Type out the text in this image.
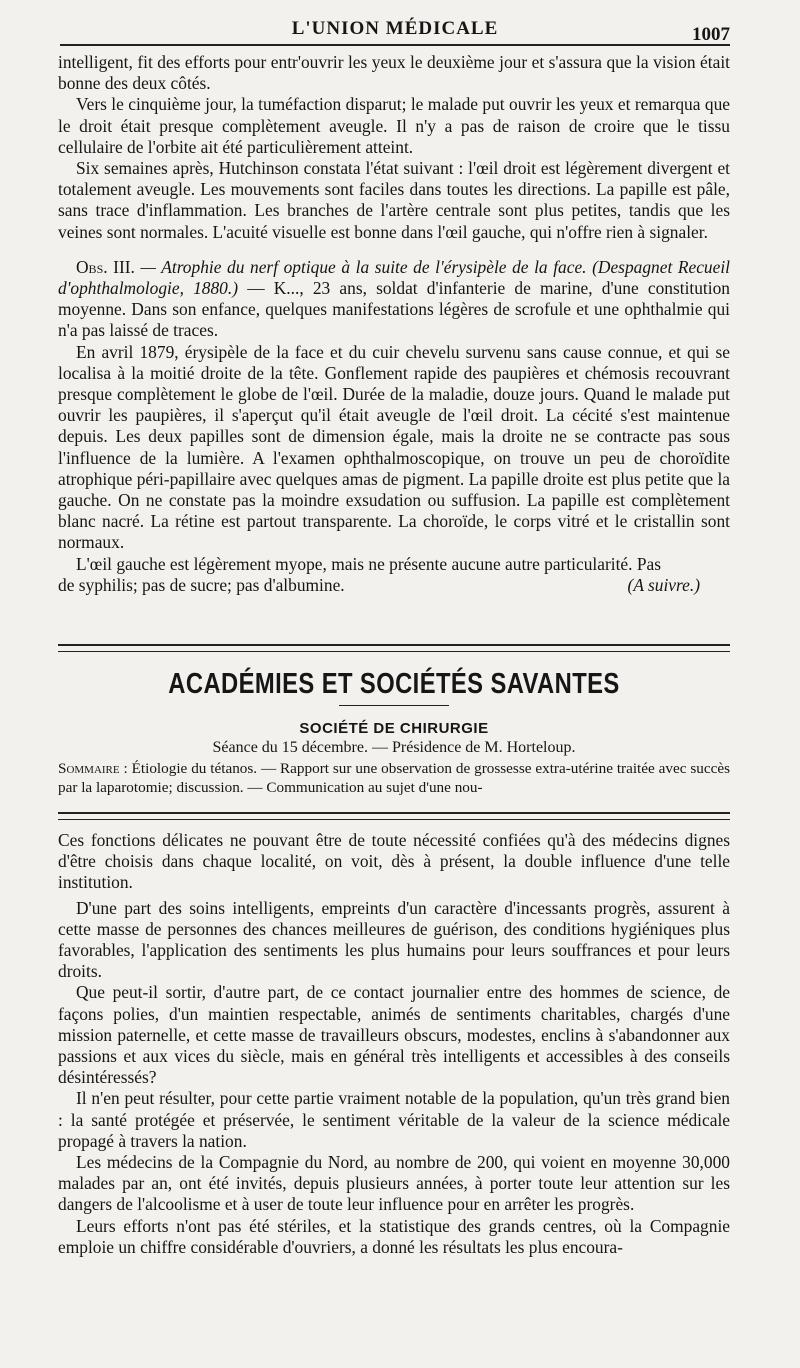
L'UNION MÉDICALE	1007

intelligent, fit des efforts pour entr'ouvrir les yeux le deuxième jour et s'assura que la vision était bonne des deux côtés.

Vers le cinquième jour, la tuméfaction disparut; le malade put ouvrir les yeux et remarqua que le droit était presque complètement aveugle. Il n'y a pas de raison de croire que le tissu cellulaire de l'orbite ait été particulièrement atteint.

Six semaines après, Hutchinson constata l'état suivant : l'œil droit est légèrement divergent et totalement aveugle. Les mouvements sont faciles dans toutes les directions. La papille est pâle, sans trace d'inflammation. Les branches de l'artère centrale sont plus petites, tandis que les veines sont normales. L'acuité visuelle est bonne dans l'œil gauche, qui n'offre rien à signaler.

Obs. III. — Atrophie du nerf optique à la suite de l'érysipèle de la face. (Despagnet Recueil d'ophthalmologie, 1880.) — K..., 23 ans, soldat d'infanterie de marine, d'une constitution moyenne. Dans son enfance, quelques manifestations légères de scrofule et une ophthalmie qui n'a pas laissé de traces.

En avril 1879, érysipèle de la face et du cuir chevelu survenu sans cause connue, et qui se localisa à la moitié droite de la tête. Gonflement rapide des paupières et chémosis recouvrant presque complètement le globe de l'œil. Durée de la maladie, douze jours. Quand le malade put ouvrir les paupières, il s'aperçut qu'il était aveugle de l'œil droit. La cécité s'est maintenue depuis. Les deux papilles sont de dimension égale, mais la droite ne se contracte pas sous l'influence de la lumière. A l'examen ophthalmoscopique, on trouve un peu de choroïdite atrophique péri-papillaire avec quelques amas de pigment. La papille droite est plus petite que la gauche. On ne constate pas la moindre exsudation ou suffusion. La papille est complètement blanc nacré. La rétine est partout transparente. La choroïde, le corps vitré et le cristallin sont normaux.

L'œil gauche est légèrement myope, mais ne présente aucune autre particularité. Pas

de syphilis; pas de sucre; pas d'albumine.	(A suivre.)
ACADÉMIES ET SOCIÉTÉS SAVANTES
SOCIÉTÉ DE CHIRURGIE
Séance du 15 décembre. — Présidence de M. Horteloup.
Sommaire : Étiologie du tétanos. — Rapport sur une observation de grossesse extra-utérine traitée avec succès par la laparotomie; discussion. — Communication au sujet d'une nou-

Ces fonctions délicates ne pouvant être de toute nécessité confiées qu'à des médecins dignes d'être choisis dans chaque localité, on voit, dès à présent, la double influence d'une telle institution.

D'une part des soins intelligents, empreints d'un caractère d'incessants progrès, assurent à cette masse de personnes des chances meilleures de guérison, des conditions hygiéniques plus favorables, l'application des sentiments les plus humains pour leurs souffrances et pour leurs droits.

Que peut-il sortir, d'autre part, de ce contact journalier entre des hommes de science, de façons polies, d'un maintien respectable, animés de sentiments charitables, chargés d'une mission paternelle, et cette masse de travailleurs obscurs, modestes, enclins à s'abandonner aux passions et aux vices du siècle, mais en général très intelligents et accessibles à des conseils désintéressés?

Il n'en peut résulter, pour cette partie vraiment notable de la population, qu'un très grand bien : la santé protégée et préservée, le sentiment véritable de la valeur de la science médicale propagé à travers la nation.

Les médecins de la Compagnie du Nord, au nombre de 200, qui voient en moyenne 30,000 malades par an, ont été invités, depuis plusieurs années, à porter toute leur attention sur les dangers de l'alcoolisme et à user de toute leur influence pour en arrêter les progrès.

Leurs efforts n'ont pas été stériles, et la statistique des grands centres, où la Compagnie emploie un chiffre considérable d'ouvriers, a donné les résultats les plus encoura-
